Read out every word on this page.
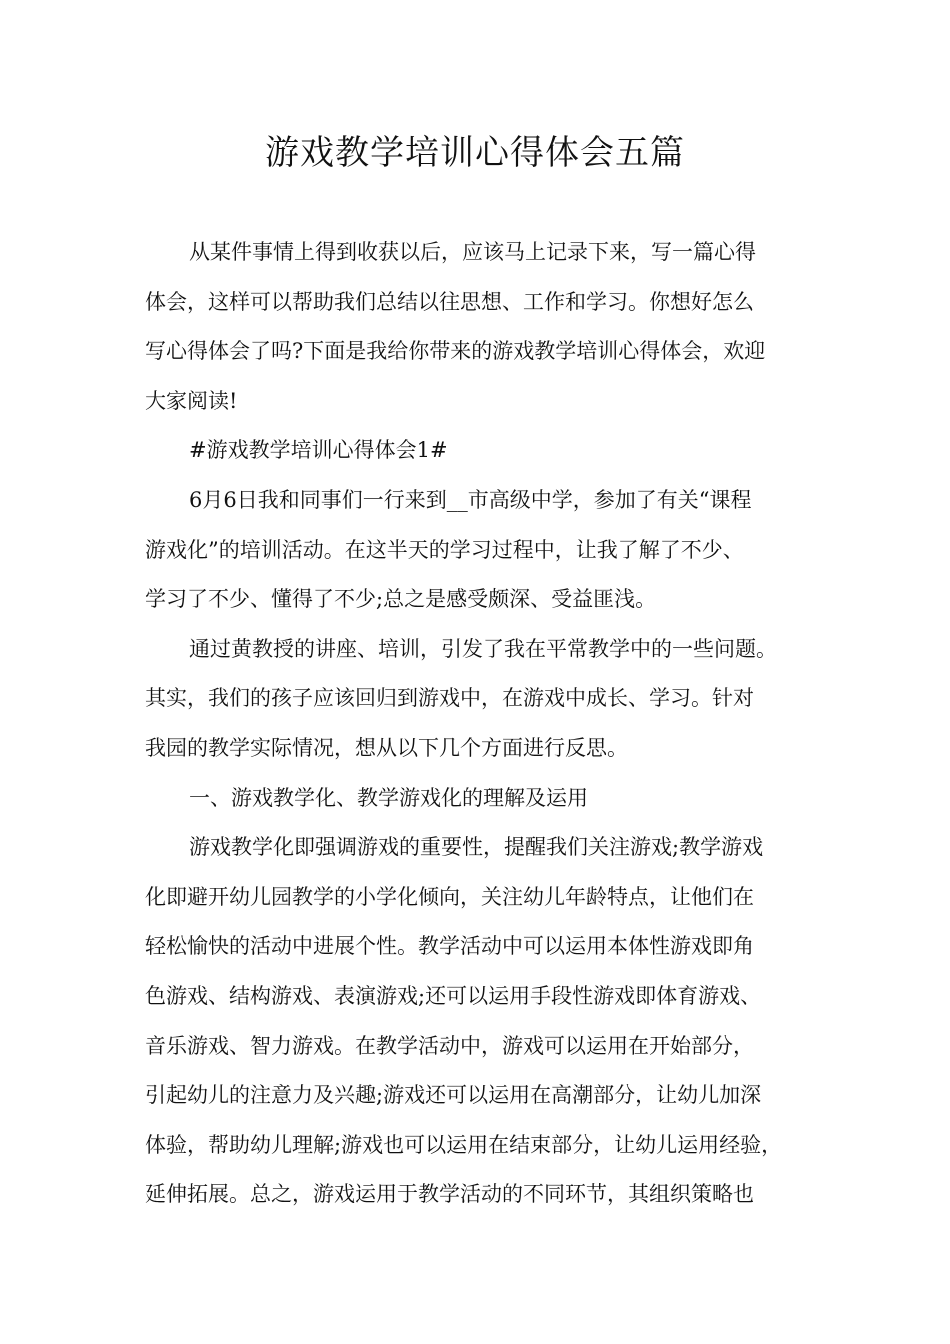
游戏教学培训心得体会五篇
从某件事情上得到收获以后，应该马上记录下来，写一篇心得
体会，这样可以帮助我们总结以往思想、工作和学习。你想好怎么
写心得体会了吗?下面是我给你带来的游戏教学培训心得体会，欢迎
大家阅读!
#游戏教学培训心得体会1#
6月6日我和同事们一行来到__市高级中学，参加了有关“课程
游戏化”的培训活动。在这半天的学习过程中，让我了解了不少、
学习了不少、懂得了不少;总之是感受颇深、受益匪浅。
通过黄教授的讲座、培训，引发了我在平常教学中的一些问题。
其实，我们的孩子应该回归到游戏中，在游戏中成长、学习。针对
我园的教学实际情况，想从以下几个方面进行反思。
一、游戏教学化、教学游戏化的理解及运用
游戏教学化即强调游戏的重要性，提醒我们关注游戏;教学游戏
化即避开幼儿园教学的小学化倾向，关注幼儿年龄特点，让他们在
轻松愉快的活动中进展个性。教学活动中可以运用本体性游戏即角
色游戏、结构游戏、表演游戏;还可以运用手段性游戏即体育游戏、
音乐游戏、智力游戏。在教学活动中，游戏可以运用在开始部分，
引起幼儿的注意力及兴趣;游戏还可以运用在高潮部分，让幼儿加深
体验，帮助幼儿理解;游戏也可以运用在结束部分，让幼儿运用经验，
延伸拓展。总之，游戏运用于教学活动的不同环节，其组织策略也
